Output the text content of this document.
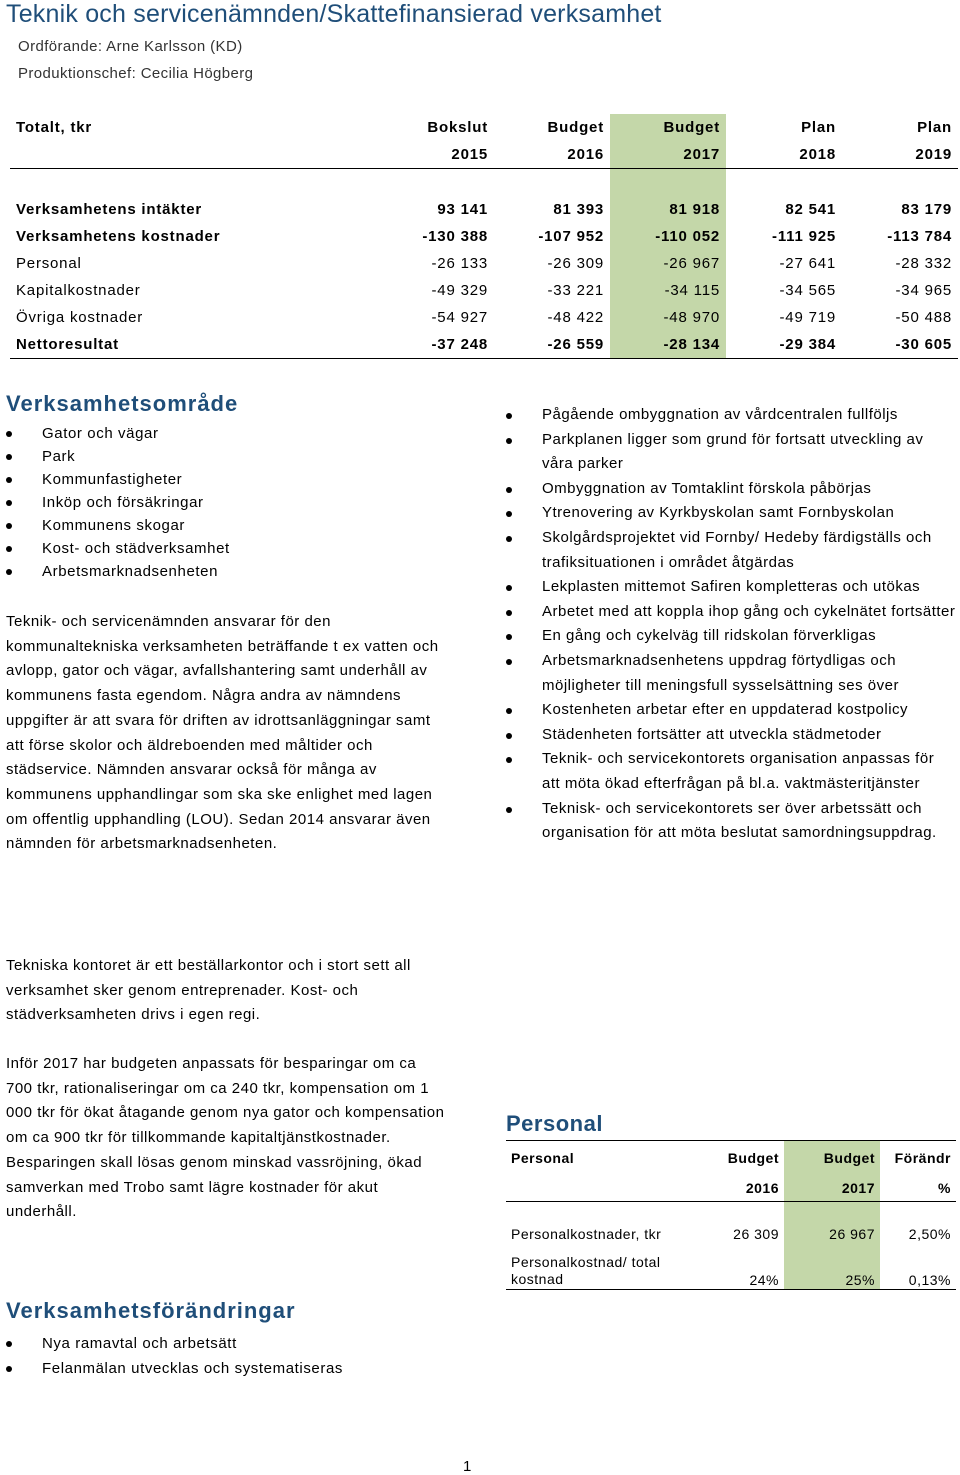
Teknik och servicenämnden/Skattefinansierad verksamhet
Ordförande: Arne Karlsson (KD)
Produktionschef: Cecilia Högberg
Totalt, tkr	Bokslut	Budget	Budget	Plan	Plan
	2015	2016	2017	2018	2019

Verksamhetens intäkter	93 141	81 393	81 918	82 541	83 179
Verksamhetens kostnader	-130 388	-107 952	-110 052	-111 925	-113 784
Personal	-26 133	-26 309	-26 967	-27 641	-28 332
Kapitalkostnader	-49 329	-33 221	-34 115	-34 565	-34 965
Övriga kostnader	-54 927	-48 422	-48 970	-49 719	-50 488
Nettoresultat	-37 248	-26 559	-28 134	-29 384	-30 605
Verksamhetsområde
Gator och vägar
Park
Kommunfastigheter
Inköp och försäkringar
Kommunens skogar
Kost- och städverksamhet
Arbetsmarknadsenheten

Teknik- och servicenämnden ansvarar för den kommunaltekniska verksamheten beträffande t ex vatten och avlopp, gator och vägar, avfallshantering samt underhåll av kommunens fasta egendom. Några andra av nämndens uppgifter är att svara för driften av idrottsanläggningar samt att förse skolor och äldreboenden med måltider och städservice. Nämnden ansvarar också för många av kommunens upphandlingar som ska ske enlighet med lagen om offentlig upphandling (LOU). Sedan 2014 ansvarar även nämnden för arbetsmarknadsenheten.

Tekniska kontoret är ett beställarkontor och i stort sett all verksamhet sker genom entreprenader. Kost- och städverksamheten drivs i egen regi.

Inför 2017 har budgeten anpassats för besparingar om ca 700 tkr, rationaliseringar om ca 240 tkr, kompensation om 1 000 tkr för ökat åtagande genom nya gator och kompensation om ca 900 tkr för tillkommande kapitaltjänstkostnader. Besparingen skall lösas genom minskad vassröjning, ökad samverkan med Trobo samt lägre kostnader för akut underhåll.

Verksamhetsförändringar
Nya ramavtal och arbetsätt
Felanmälan utvecklas och systematiseras
Pågående ombyggnation av vårdcentralen fullföljs
Parkplanen ligger som grund för fortsatt utveckling av våra parker
Ombyggnation av Tomtaklint förskola påbörjas
Ytrenovering av Kyrkbyskolan samt Fornbyskolan
Skolgårdsprojektet vid Fornby/ Hedeby färdigställs och trafiksituationen i området åtgärdas
Lekplasten mittemot Safiren kompletteras och utökas
Arbetet med att koppla ihop gång och cykelnätet fortsätter
En gång och cykelväg till ridskolan förverkligas
Arbetsmarknadsenhetens uppdrag förtydligas och möjligheter till meningsfull sysselsättning ses över
Kostenheten arbetar efter en uppdaterad kostpolicy
Städenheten fortsätter att utveckla städmetoder
Teknik- och servicekontorets organisation anpassas för att möta ökad efterfrågan på bl.a. vaktmästeritjänster
Teknisk- och servicekontorets ser över arbetssätt och organisation för att möta beslutat samordningsuppdrag.
Personal
Personal	Budget	Budget	Förändr
	2016	2017	%

Personalkostnader, tkr	26 309	26 967	2,50%
Personalkostnad/ total kostnad	24%	25%	0,13%
1
